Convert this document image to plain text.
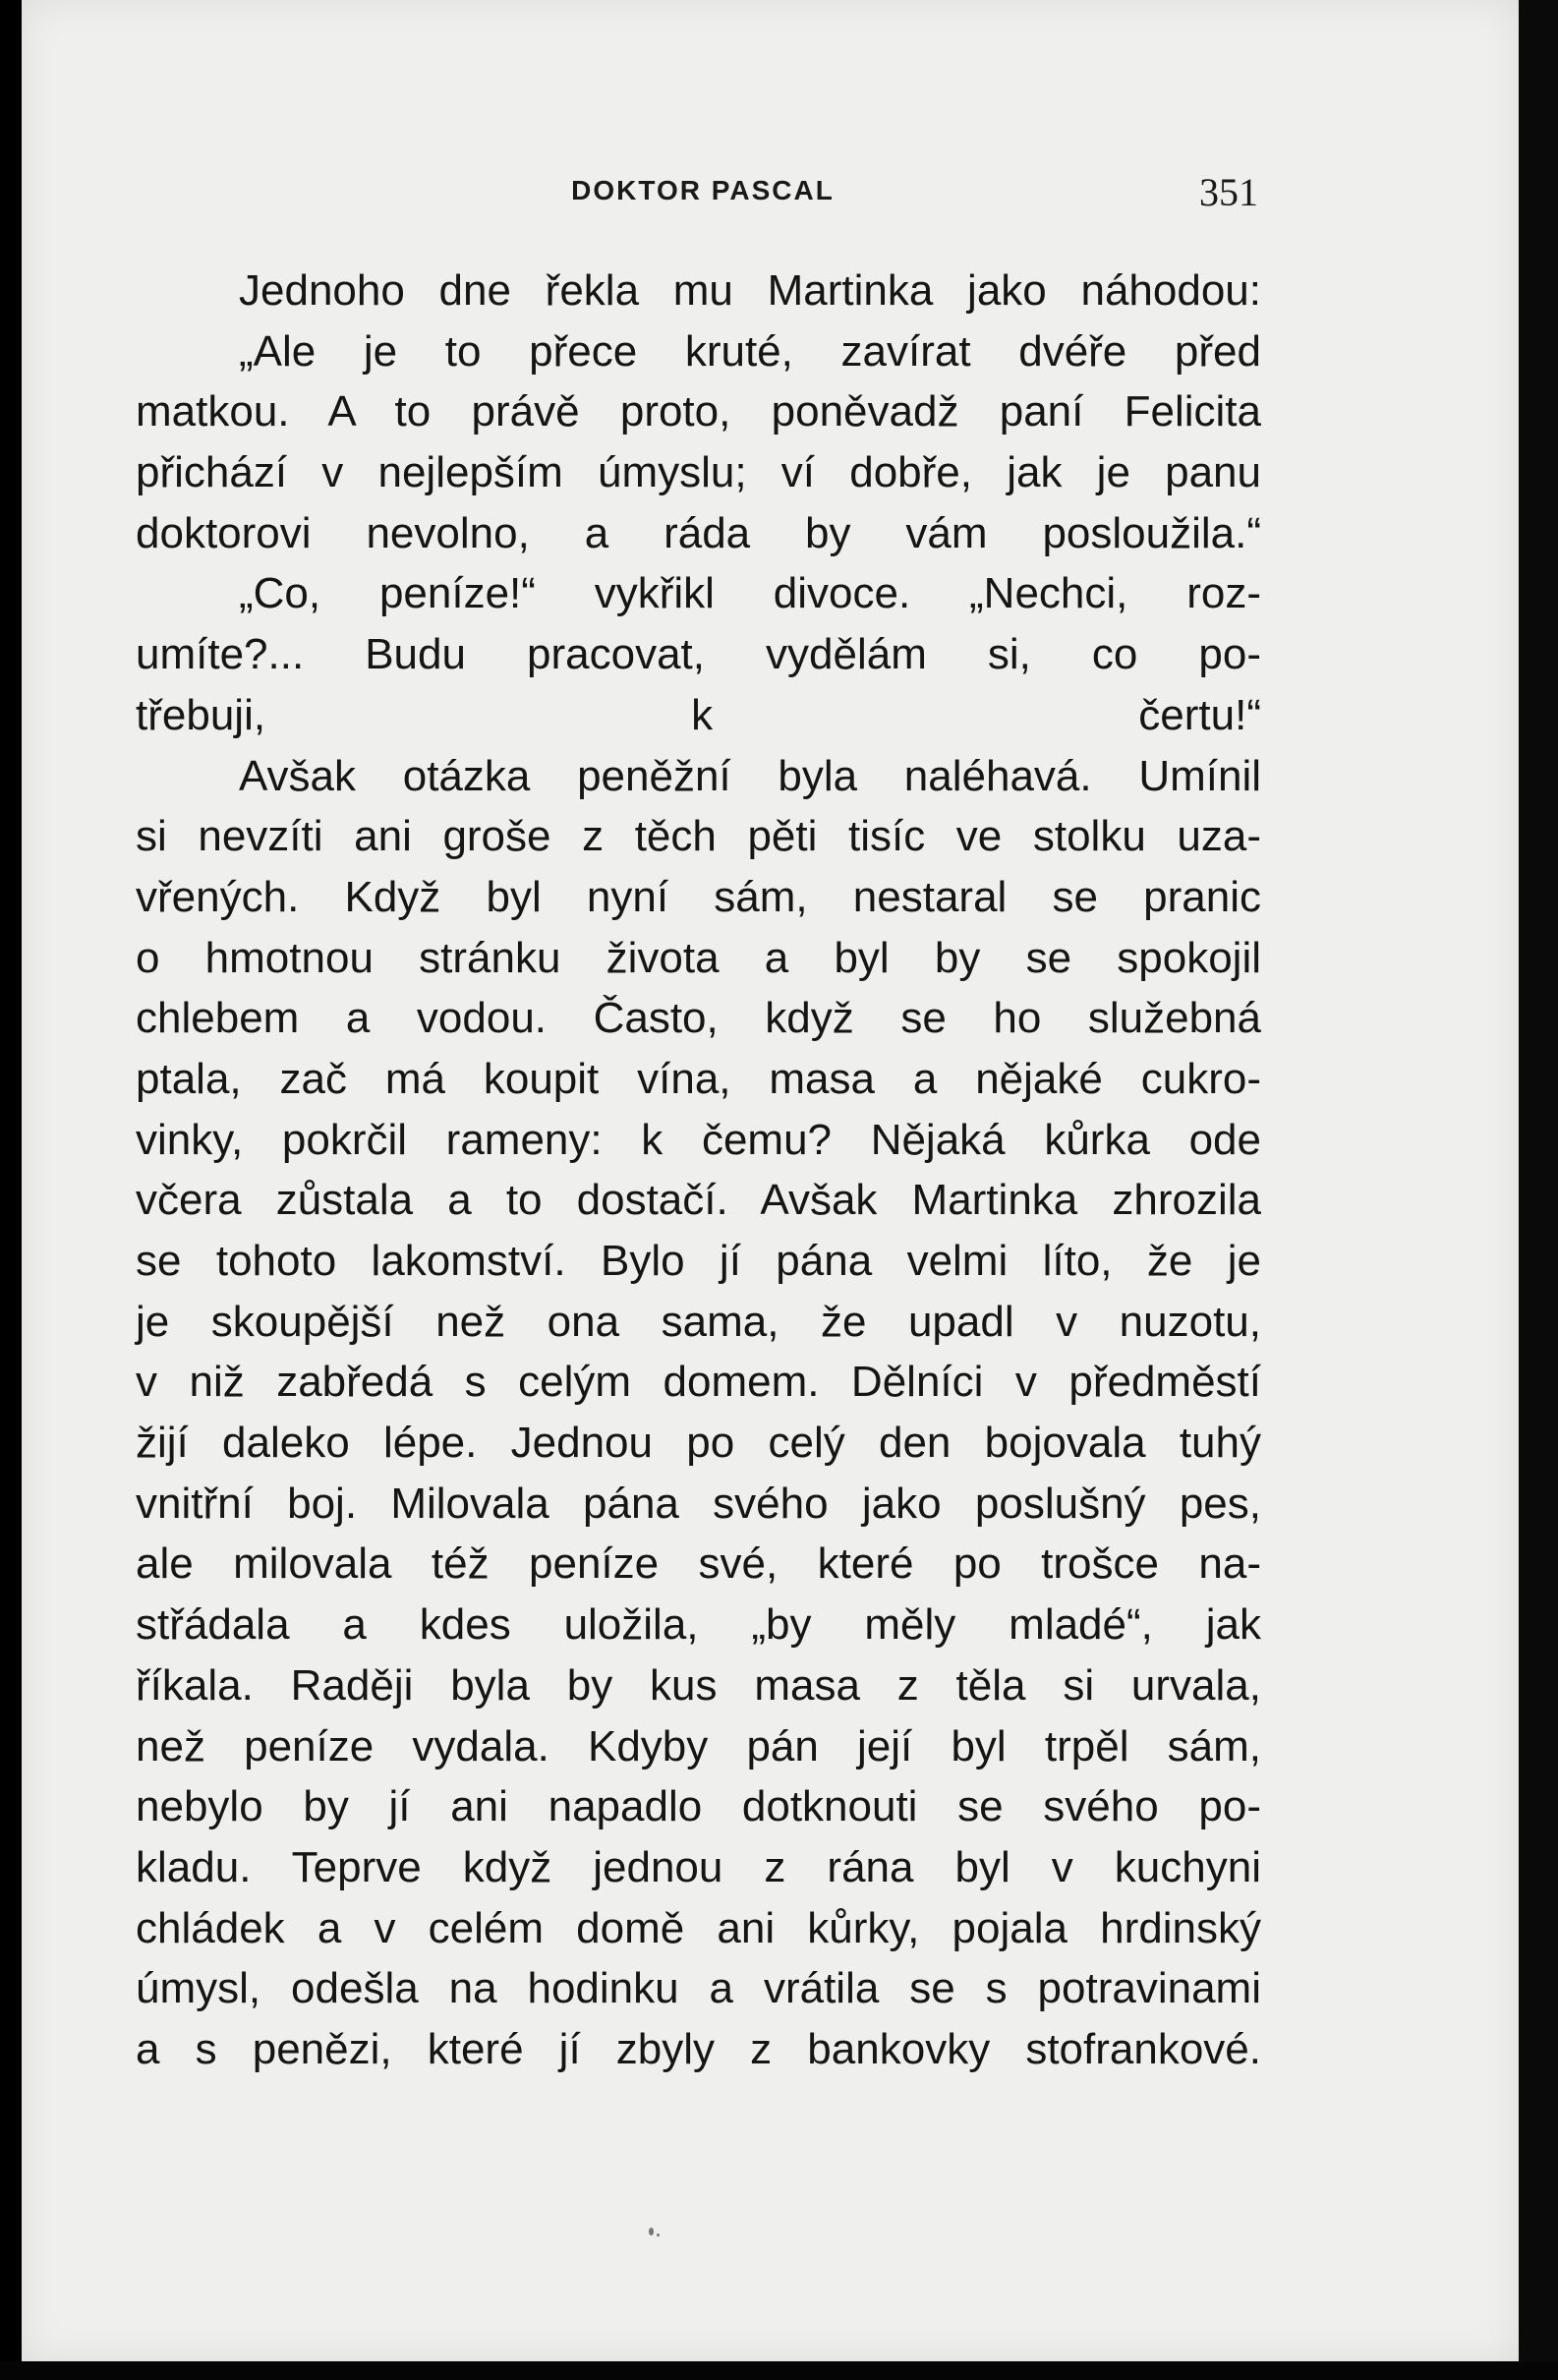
DOKTOR PASCAL	351
Jednoho dne řekla mu Martinka jako náhodou:
„Ale je to přece kruté, zavírat dvéře před
matkou. A to právě proto, poněvadž paní Felicita
přichází v nejlepším úmyslu; ví dobře, jak je panu
doktorovi nevolno, a ráda by vám posloužila.“
„Co, peníze!“ vykřikl divoce. „Nechci, roz-
umíte?... Budu pracovat, vydělám si, co po-
třebuji, k čertu!“
Avšak otázka peněžní byla naléhavá. Umínil
si nevzíti ani groše z těch pěti tisíc ve stolku uza-
vřených. Když byl nyní sám, nestaral se pranic
o hmotnou stránku života a byl by se spokojil
chlebem a vodou. Často, když se ho služebná
ptala, zač má koupit vína, masa a nějaké cukro-
vinky, pokrčil rameny: k čemu? Nějaká kůrka ode
včera zůstala a to dostačí. Avšak Martinka zhrozila
se tohoto lakomství. Bylo jí pána velmi líto, že je
je skoupější než ona sama, že upadl v nuzotu,
v niž zabředá s celým domem. Dělníci v předměstí
žijí daleko lépe. Jednou po celý den bojovala tuhý
vnitřní boj. Milovala pána svého jako poslušný pes,
ale milovala též peníze své, které po trošce na-
střádala a kdes uložila, „by měly mladé“, jak
říkala. Raději byla by kus masa z těla si urvala,
než peníze vydala. Kdyby pán její byl trpěl sám,
nebylo by jí ani napadlo dotknouti se svého po-
kladu. Teprve když jednou z rána byl v kuchyni
chládek a v celém domě ani kůrky, pojala hrdinský
úmysl, odešla na hodinku a vrátila se s potravinami
a s penězi, které jí zbyly z bankovky stofrankové.
